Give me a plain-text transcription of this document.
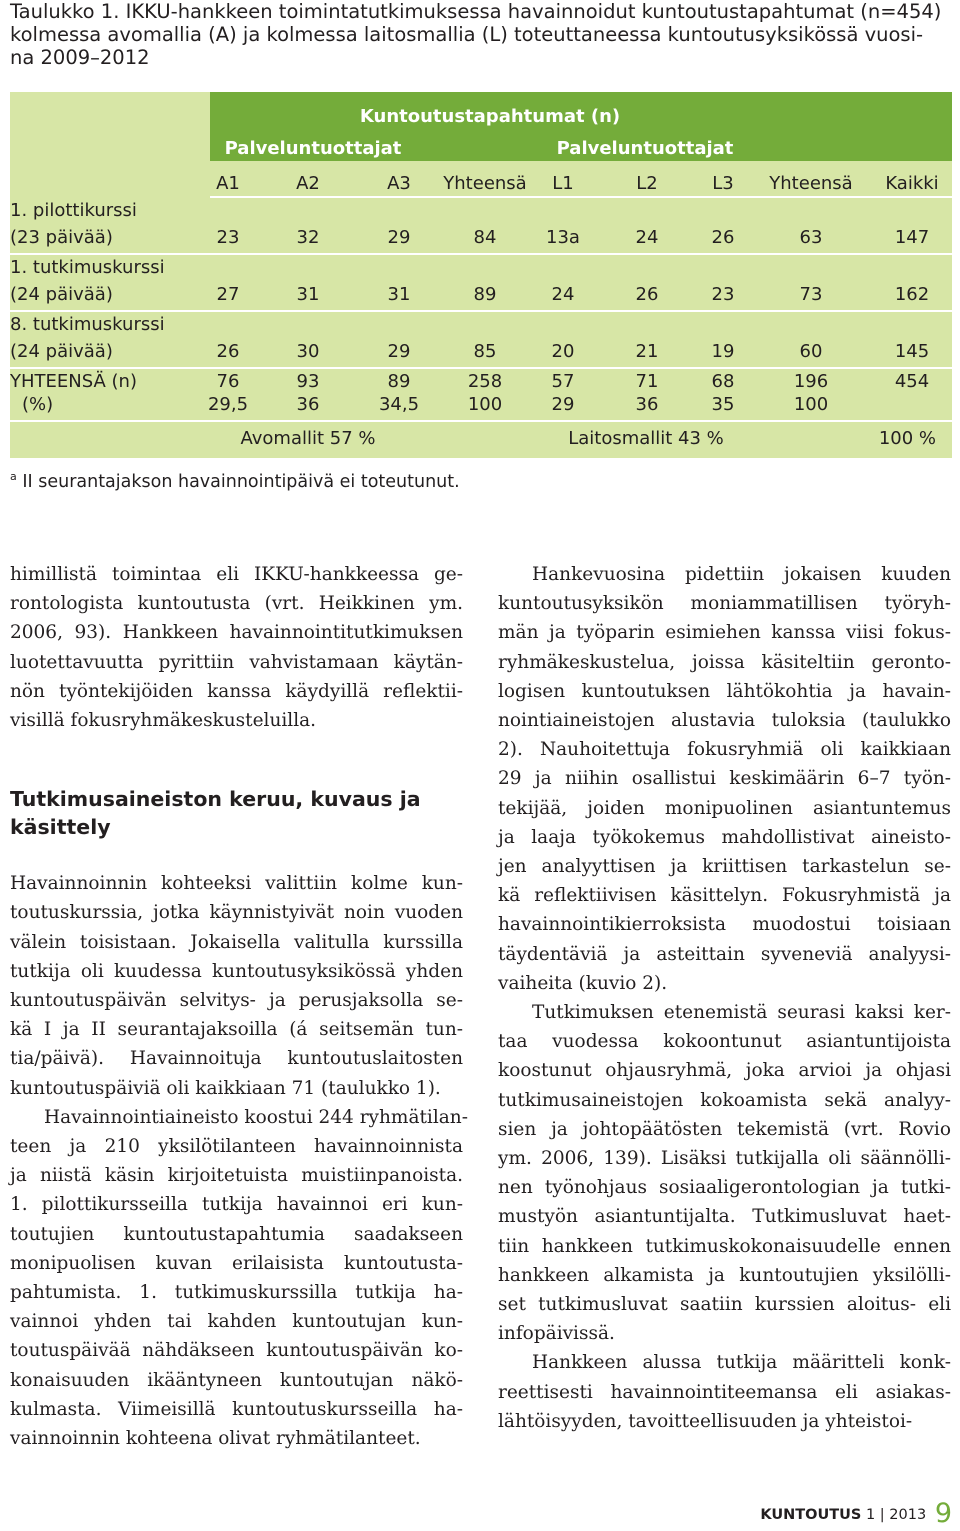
Taulukko 1. IKKU-hankkeen toimintatutkimuksessa havainnoidut kuntoutustapahtumat (n=454)
kolmessa avomallia (A) ja kolmessa laitosmallia (L) toteuttaneessa kuntoutusyksikössä vuosi-
na 2009–2012
Kuntoutustapahtumat (n)
Palveluntuottajat	Palveluntuottajat
A1	A2	A3 Yhteensä L1	L2	L3 Yhteensä Kaikki
1. pilottikurssi
(23 päivää)	23	32	29	84	13a	24	26	63	147
1. tutkimuskurssi
(24 päivää)	27	31	31	89	24	26	23	73	162
8. tutkimuskurssi
(24 päivää)	26	30	29	85	20	21	19	60	145
YHTEENSÄ (n)	76	93	89	258	57	71	68	196	454
(%)	29,5	36	34,5	100	29	36	35	100
Avomallit 57 %	Laitosmallit 43 %	100 %
$^a$ II seurantajakson havainnointipäivä ei toteutunut.

himillistä toimintaa eli IKKU-hankkeessa ge-
rontologista kuntoutusta (vrt. Heikkinen ym.
2006, 93). Hankkeen havainnointitutkimuksen
luotettavuutta pyrittiin vahvistamaan käytän-
nön työntekijöiden kanssa käydyillä reflektii-
visillä fokusryhmäkeskusteluilla.

Tutkimusaineiston keruu, kuvaus ja käsittely

Havainnoinnin kohteeksi valittiin kolme kun-
toutuskurssia, jotka käynnistyivät noin vuoden
välein toisistaan. Jokaisella valitulla kurssilla
tutkija oli kuudessa kuntoutusyksikössä yhden
kuntoutuspäivän selvitys- ja perusjaksolla se-
kä I ja II seurantajaksoilla (á seitsemän tun-
tia/päivä). Havainnoituja kuntoutuslaitosten
kuntoutuspäiviä oli kaikkiaan 71 (taulukko 1).

Havainnointiaineisto koostui 244 ryhmätilan-
teen ja 210 yksilötilanteen havainnoinnista
ja niistä käsin kirjoitetuista muistiinpanoista.
1. pilottikursseilla tutkija havainnoi eri kun-
toutujien kuntoutustapahtumia saadakseen
monipuolisen kuvan erilaisista kuntoutusta-
pahtumista. 1. tutkimuskurssilla tutkija ha-
vainnoi yhden tai kahden kuntoutujan kun-
toutuspäivää nähdäkseen kuntoutuspäivän ko-
konaisuuden ikääntyneen kuntoutujan näkö-
kulmasta. Viimeisillä kuntoutuskursseilla ha-
vainnoinnin kohteena olivat ryhmätilanteet.

Hankevuosina pidettiin jokaisen kuuden
kuntoutusyksikön moniammatillisen työryh-
män ja työparin esimiehen kanssa viisi fokus-
ryhmäkeskustelua, joissa käsiteltiin geronto-
logisen kuntoutuksen lähtökohtia ja havain-
nointiaineistojen alustavia tuloksia (taulukko
2). Nauhoitettuja fokusryhmiä oli kaikkiaan
29 ja niihin osallistui keskimäärin 6–7 työn-
tekijää, joiden monipuolinen asiantuntemus
ja laaja työkokemus mahdollistivat aineisto-
jen analyyttisen ja kriittisen tarkastelun se-
kä reflektiivisen käsittelyn. Fokusryhmistä ja
havainnointikierroksista muodostui toisiaan
täydentäviä ja asteittain syveneviä analyysi-
vaiheita (kuvio 2).

Tutkimuksen etenemistä seurasi kaksi ker-
taa vuodessa kokoontunut asiantuntijoista
koostunut ohjausryhmä, joka arvioi ja ohjasi
tutkimusaineistojen kokoamista sekä analyy-
sien ja johtopäätösten tekemistä (vrt. Rovio
ym. 2006, 139). Lisäksi tutkijalla oli säännölli-
nen työnohjaus sosiaaligerontologian ja tutki-
mustyön asiantuntijalta. Tutkimusluvat haet-
tiin hankkeen tutkimuskokonaisuudelle ennen
hankkeen alkamista ja kuntoutujien yksilölli-
set tutkimusluvat saatiin kurssien aloitus- eli
infopäivissä.

Hankkeen alussa tutkija määritteli konk-
reettisesti havainnointiteemansa eli asiakas-
lähtöisyyden, tavoitteellisuuden ja yhteistoi-

KUNTOUTUS 1 | 2013 9
